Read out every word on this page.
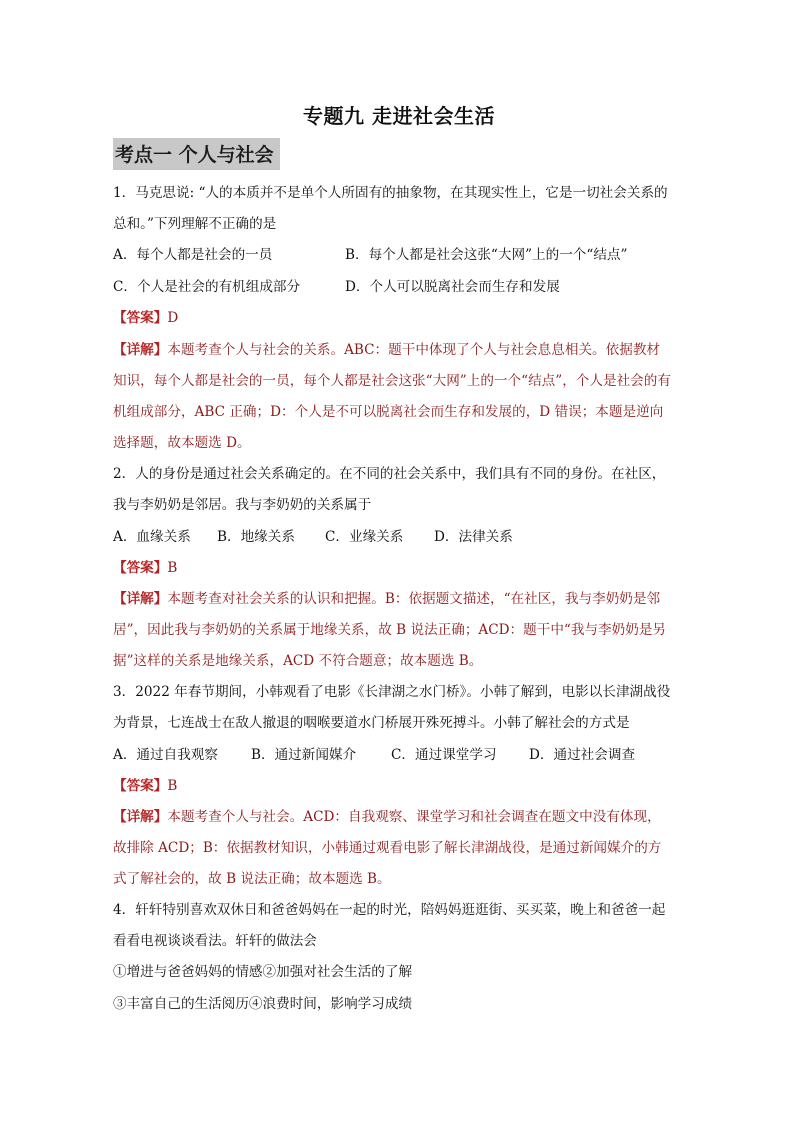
专题九 走进社会生活
考点一 个人与社会
1．马克思说: “人的本质并不是单个人所固有的抽象物，在其现实性上，它是一切社会关系的
总和。”下列理解不正确的是
A．每个人都是社会的一员	B．每个人都是社会这张“大网”上的一个“结点”
C．个人是社会的有机组成部分	D．个人可以脱离社会而生存和发展
【答案】D
【详解】本题考查个人与社会的关系。ABC：题干中体现了个人与社会息息相关。依据教材
知识，每个人都是社会的一员，每个人都是社会这张“大网”上的一个“结点”，个人是社会的有
机组成部分，ABC 正确；D：个人是不可以脱离社会而生存和发展的，D 错误；本题是逆向
选择题，故本题选 D。
2．人的身份是通过社会关系确定的。在不同的社会关系中，我们具有不同的身份。在社区，
我与李奶奶是邻居。我与李奶奶的关系属于
A．血缘关系 B．地缘关系 C．业缘关系 D．法律关系
【答案】B
【详解】本题考查对社会关系的认识和把握。B：依据题文描述，“在社区，我与李奶奶是邻
居”，因此我与李奶奶的关系属于地缘关系，故 B 说法正确；ACD：题干中“我与李奶奶是另
据”这样的关系是地缘关系，ACD 不符合题意；故本题选 B。
3．2022 年春节期间，小韩观看了电影《长津湖之水门桥》。小韩了解到，电影以长津湖战役
为背景，七连战士在敌人撤退的咽喉要道水门桥展开殊死搏斗。小韩了解社会的方式是
A．通过自我观察 B．通过新闻媒介	C．通过课堂学习 D．通过社会调查
【答案】B
【详解】本题考查个人与社会。ACD：自我观察、课堂学习和社会调查在题文中没有体现，
故排除 ACD；B：依据教材知识，小韩通过观看电影了解长津湖战役，是通过新闻媒介的方
式了解社会的，故 B 说法正确；故本题选 B。
4．轩轩特别喜欢双休日和爸爸妈妈在一起的时光，陪妈妈逛逛街、买买菜，晚上和爸爸一起
看看电视谈谈看法。轩轩的做法会
①增进与爸爸妈妈的情感②加强对社会生活的了解
③丰富自己的生活阅历④浪费时间，影响学习成绩
